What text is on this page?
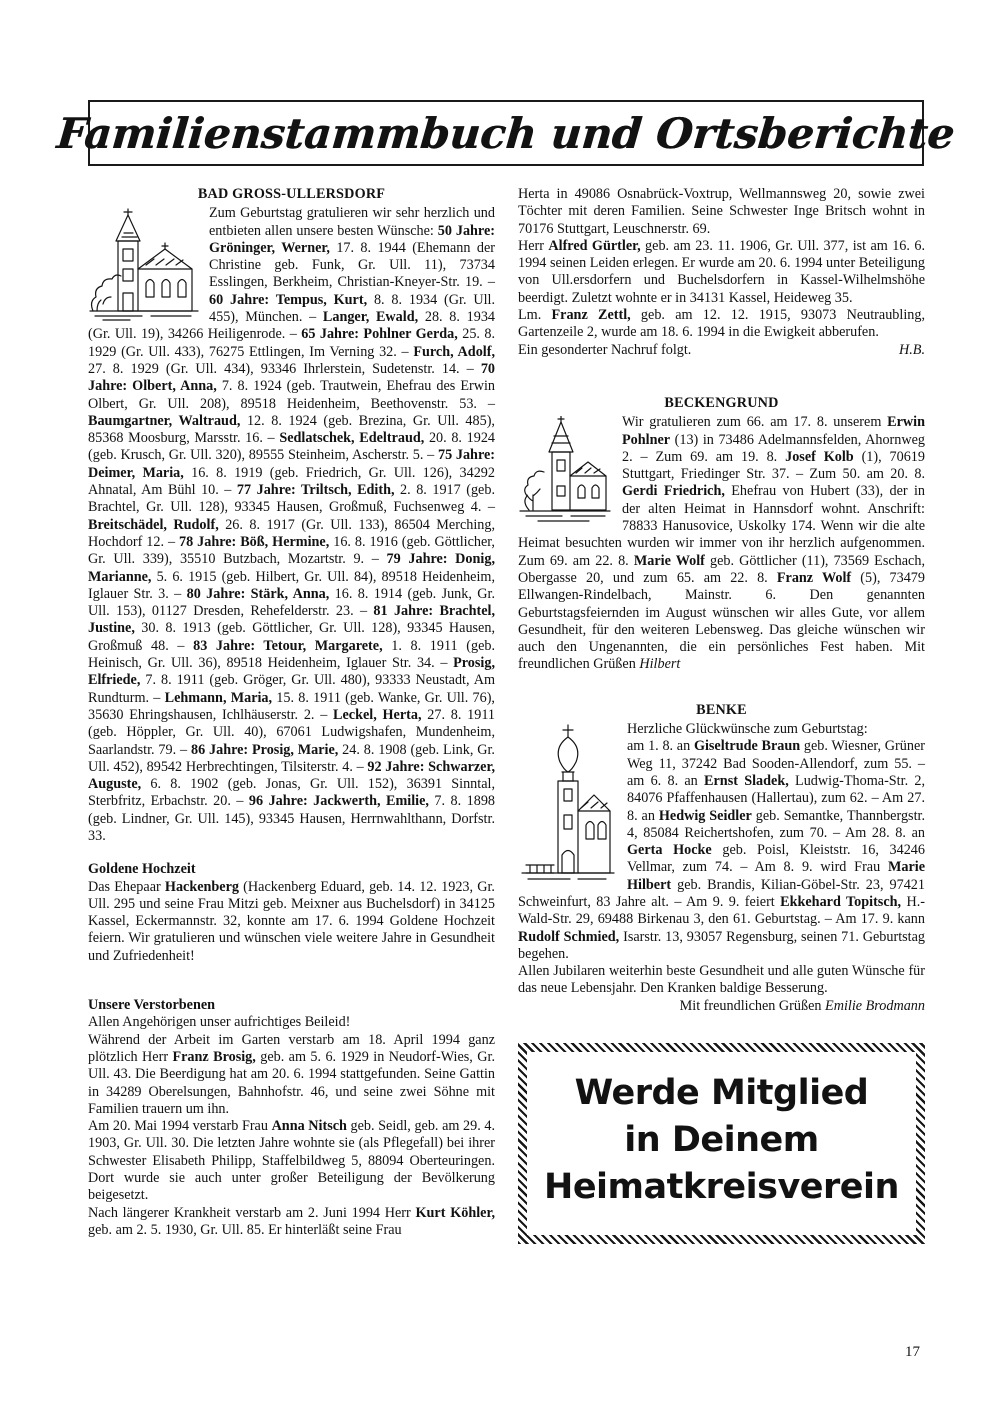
Familienstammbuch und Ortsberichte
BAD GROSS-ULLERSDORF

Zum Geburtstag gratulieren wir sehr herzlich und entbieten allen unsere besten Wünsche: 50 Jahre: Gröninger, Werner, 17. 8. 1944 (Ehemann der Christine geb. Funk, Gr. Ull. 11), 73734 Esslingen, Berkheim, Christian-Kneyer-Str. 19. – 60 Jahre: Tempus, Kurt, 8. 8. 1934 (Gr. Ull. 455), München. – Langer, Ewald, 28. 8. 1934 (Gr. Ull. 19), 34266 Heiligenrode. – 65 Jahre: Pohlner Gerda, 25. 8. 1929 (Gr. Ull. 433), 76275 Ettlingen, Im Verning 32. – Furch, Adolf, 27. 8. 1929 (Gr. Ull. 434), 93346 Ihrlerstein, Sudetenstr. 14. – 70 Jahre: Olbert, Anna, 7. 8. 1924 (geb. Trautwein, Ehefrau des Erwin Olbert, Gr. Ull. 208), 89518 Heidenheim, Beethovenstr. 53. – Baumgartner, Waltraud, 12. 8. 1924 (geb. Brezina, Gr. Ull. 485), 85368 Moosburg, Marsstr. 16. – Sedlatschek, Edeltraud, 20. 8. 1924 (geb. Krusch, Gr. Ull. 320), 89555 Steinheim, Ascherstr. 5. – 75 Jahre: Deimer, Maria, 16. 8. 1919 (geb. Friedrich, Gr. Ull. 126), 34292 Ahnatal, Am Bühl 10. – 77 Jahre: Triltsch, Edith, 2. 8. 1917 (geb. Brachtel, Gr. Ull. 128), 93345 Hausen, Großmuß, Fuchsenweg 4. – Breitschädel, Rudolf, 26. 8. 1917 (Gr. Ull. 133), 86504 Merching, Hochdorf 12. – 78 Jahre: Böß, Hermine, 16. 8. 1916 (geb. Göttlicher, Gr. Ull. 339), 35510 Butzbach, Mozartstr. 9. – 79 Jahre: Donig, Marianne, 5. 6. 1915 (geb. Hilbert, Gr. Ull. 84), 89518 Heidenheim, Iglauer Str. 3. – 80 Jahre: Stärk, Anna, 16. 8. 1914 (geb. Junk, Gr. Ull. 153), 01127 Dresden, Rehefelderstr. 23. – 81 Jahre: Brachtel, Justine, 30. 8. 1913 (geb. Göttlicher, Gr. Ull. 128), 93345 Hausen, Großmuß 48. – 83 Jahre: Tetour, Margarete, 1. 8. 1911 (geb. Heinisch, Gr. Ull. 36), 89518 Heidenheim, Iglauer Str. 34. – Prosig, Elfriede, 7. 8. 1911 (geb. Gröger, Gr. Ull. 480), 93333 Neustadt, Am Rundturm. – Lehmann, Maria, 15. 8. 1911 (geb. Wanke, Gr. Ull. 76), 35630 Ehringshausen, Ichlhäuserstr. 2. – Leckel, Herta, 27. 8. 1911 (geb. Höppler, Gr. Ull. 40), 67061 Ludwigshafen, Mundenheim, Saarlandstr. 79. – 86 Jahre: Prosig, Marie, 24. 8. 1908 (geb. Link, Gr. Ull. 452), 89542 Herbrechtingen, Tilsiterstr. 4. – 92 Jahre: Schwarzer, Auguste, 6. 8. 1902 (geb. Jonas, Gr. Ull. 152), 36391 Sinntal, Sterbfritz, Erbachstr. 20. – 96 Jahre: Jackwerth, Emilie, 7. 8. 1898 (geb. Lindner, Gr. Ull. 145), 93345 Hausen, Herrnwahlthann, Dorfstr. 33.

Goldene Hochzeit

Das Ehepaar Hackenberg (Hackenberg Eduard, geb. 14. 12. 1923, Gr. Ull. 295 und seine Frau Mitzi geb. Meixner aus Buchelsdorf) in 34125 Kassel, Eckermannstr. 32, konnte am 17. 6. 1994 Goldene Hochzeit feiern. Wir gratulieren und wünschen viele weitere Jahre in Gesundheit und Zufriedenheit!

Unsere Verstorbenen

Allen Angehörigen unser aufrichtiges Beileid!

Während der Arbeit im Garten verstarb am 18. April 1994 ganz plötzlich Herr Franz Brosig, geb. am 5. 6. 1929 in Neudorf-Wies, Gr. Ull. 43. Die Beerdigung hat am 20. 6. 1994 stattgefunden. Seine Gattin in 34289 Oberelsungen, Bahnhofstr. 46, und seine zwei Söhne mit Familien trauern um ihn.

Am 20. Mai 1994 verstarb Frau Anna Nitsch geb. Seidl, geb. am 29. 4. 1903, Gr. Ull. 30. Die letzten Jahre wohnte sie (als Pflegefall) bei ihrer Schwester Elisabeth Philipp, Staffelbildweg 5, 88094 Oberteuringen. Dort wurde sie auch unter großer Beteiligung der Bevölkerung beigesetzt.

Nach längerer Krankheit verstarb am 2. Juni 1994 Herr Kurt Köhler, geb. am 2. 5. 1930, Gr. Ull. 85. Er hinterläßt seine Frau

Herta in 49086 Osnabrück-Voxtrup, Wellmannsweg 20, sowie zwei Töchter mit deren Familien. Seine Schwester Inge Britsch wohnt in 70176 Stuttgart, Leuschnerstr. 69.

Herr Alfred Gürtler, geb. am 23. 11. 1906, Gr. Ull. 377, ist am 16. 6. 1994 seinen Leiden erlegen. Er wurde am 20. 6. 1994 unter Beteiligung von Ull.ersdorfern und Buchelsdorfern in Kassel-Wilhelmshöhe beerdigt. Zuletzt wohnte er in 34131 Kassel, Heideweg 35.

Lm. Franz Zettl, geb. am 12. 12. 1915, 93073 Neutraubling, Gartenzeile 2, wurde am 18. 6. 1994 in die Ewigkeit abberufen.

Ein gesonderter Nachruf folgt.	H.B.
BECKENGRUND

Wir gratulieren zum 66. am 17. 8. unserem Erwin Pohlner (13) in 73486 Adelmannsfelden, Ahornweg 2. – Zum 69. am 19. 8. Josef Kolb (1), 70619 Stuttgart, Friedinger Str. 37. – Zum 50. am 20. 8. Gerdi Friedrich, Ehefrau von Hubert (33), der in der alten Heimat in Hannsdorf wohnt. Anschrift: 78833 Hanusovice, Uskolky 174. Wenn wir die alte Heimat besuchten wurden wir immer von ihr herzlich aufgenommen. Zum 69. am 22. 8. Marie Wolf geb. Göttlicher (11), 73569 Eschach, Obergasse 20, und zum 65. am 22. 8. Franz Wolf (5), 73479 Ellwangen-Rindelbach, Mainstr. 6. Den genannten Geburtstagsfeiernden im August wünschen wir alles Gute, vor allem Gesundheit, für den weiteren Lebensweg. Das gleiche wünschen wir auch den Ungenannten, die ein persönliches Fest haben. Mit freundlichen Grüßen Hilbert

BENKE

Herzliche Glückwünsche zum Geburtstag:
am 1. 8. an Giseltrude Braun geb. Wiesner, Grüner Weg 11, 37242 Bad Sooden-Allendorf, zum 55. – am 6. 8. an Ernst Sladek, Ludwig-Thoma-Str. 2, 84076 Pfaffenhausen (Hallertau), zum 62. – Am 27. 8. an Hedwig Seidler geb. Semantke, Thannbergstr. 4, 85084 Reichertshofen, zum 70. – Am 28. 8. an Gerta Hocke geb. Poisl, Kleiststr. 16, 34246 Vellmar, zum 74. – Am 8. 9. wird Frau Marie Hilbert geb. Brandis, Kilian-Göbel-Str. 23, 97421 Schweinfurt, 83 Jahre alt. – Am 9. 9. feiert Ekkehard Topitsch, H.-Wald-Str. 29, 69488 Birkenau 3, den 61. Geburtstag. – Am 17. 9. kann Rudolf Schmied, Isarstr. 13, 93057 Regensburg, seinen 71. Geburtstag begehen.

Allen Jubilaren weiterhin beste Gesundheit und alle guten Wünsche für das neue Lebensjahr. Den Kranken baldige Besserung.

Mit freundlichen Grüßen Emilie Brodmann
Werde Mitglied
in Deinem
Heimatkreisverein
17
